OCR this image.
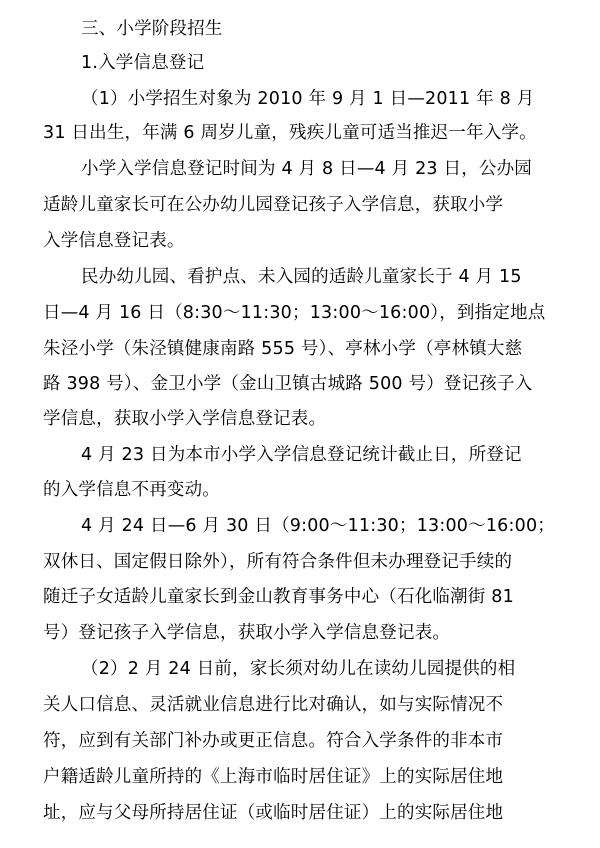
三、小学阶段招生
1.入学信息登记
（1）小学招生对象为 2010 年 9 月 1 日—2011 年 8 月
31 日出生，年满 6 周岁儿童，残疾儿童可适当推迟一年入学。
小学入学信息登记时间为 4 月 8 日—4 月 23 日，公办园
适龄儿童家长可在公办幼儿园登记孩子入学信息，获取小学
入学信息登记表。
民办幼儿园、看护点、未入园的适龄儿童家长于 4 月 15
日—4 月 16 日（8:30～11:30；13:00～16:00），到指定地点
朱泾小学（朱泾镇健康南路 555 号）、亭林小学（亭林镇大慈
路 398 号）、金卫小学（金山卫镇古城路 500 号）登记孩子入
学信息，获取小学入学信息登记表。
4 月 23 日为本市小学入学信息登记统计截止日，所登记
的入学信息不再变动。
4 月 24 日—6 月 30 日（9:00～11:30；13:00～16:00；
双休日、国定假日除外），所有符合条件但未办理登记手续的
随迁子女适龄儿童家长到金山教育事务中心（石化临潮街 81
号）登记孩子入学信息，获取小学入学信息登记表。
（2）2 月 24 日前，家长须对幼儿在读幼儿园提供的相
关人口信息、灵活就业信息进行比对确认，如与实际情况不
符，应到有关部门补办或更正信息。符合入学条件的非本市
户籍适龄儿童所持的《上海市临时居住证》上的实际居住地
址，应与父母所持居住证（或临时居住证）上的实际居住地
